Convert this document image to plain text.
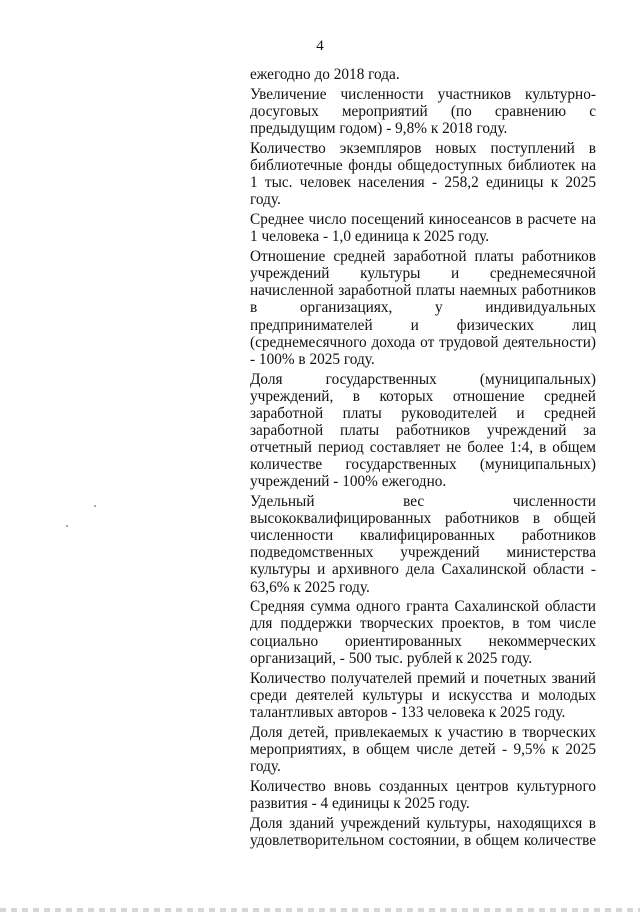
4
ежегодно до 2018 года.
Увеличение численности участников культурно-
досуговых мероприятий (по сравнению с
предыдущим годом) - 9,8% к 2018 году.
Количество экземпляров новых поступлений в
библиотечные фонды общедоступных библиотек на
1 тыс. человек населения - 258,2 единицы к 2025
году.
Среднее число посещений киносеансов в расчете на
1 человека - 1,0 единица к 2025 году.
Отношение средней заработной платы работников
учреждений культуры и среднемесячной
начисленной заработной платы наемных работников
в организациях, у индивидуальных
предпринимателей и физических лиц
(среднемесячного дохода от трудовой деятельности)
- 100% в 2025 году.
Доля государственных (муниципальных)
учреждений, в которых отношение средней
заработной платы руководителей и средней
заработной платы работников учреждений за
отчетный период составляет не более 1:4, в общем
количестве государственных (муниципальных)
учреждений - 100% ежегодно.
Удельный вес численности
высококвалифицированных работников в общей
численности квалифицированных работников
подведомственных учреждений министерства
культуры и архивного дела Сахалинской области -
63,6% к 2025 году.
Средняя сумма одного гранта Сахалинской области
для поддержки творческих проектов, в том числе
социально ориентированных некоммерческих
организаций, - 500 тыс. рублей к 2025 году.
Количество получателей премий и почетных званий
среди деятелей культуры и искусства и молодых
талантливых авторов - 133 человека к 2025 году.
Доля детей, привлекаемых к участию в творческих
мероприятиях, в общем числе детей - 9,5% к 2025
году.
Количество вновь созданных центров культурного
развития - 4 единицы к 2025 году.
Доля зданий учреждений культуры, находящихся в
удовлетворительном состоянии, в общем количестве
